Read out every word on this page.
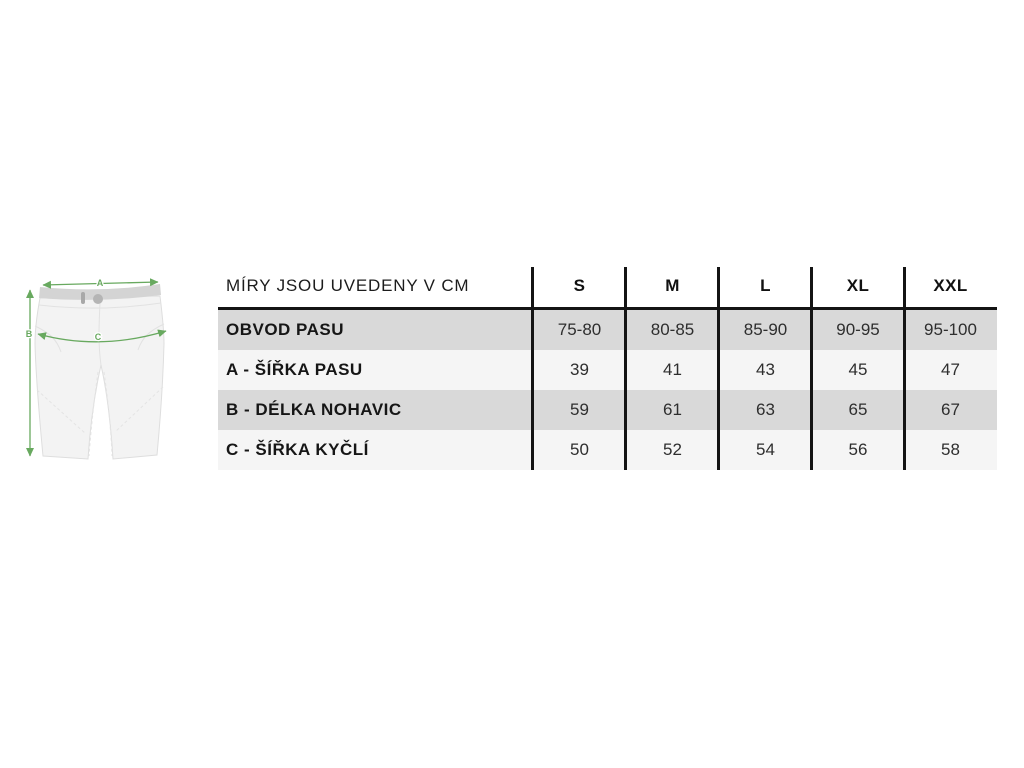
A
B	C
MÍRY JSOU UVEDENY V CM	S	M	L	XL	XXL
OBVOD PASU	75-80	80-85	85-90	90-95	95-100
A - ŠÍŘKA PASU	39	41	43	45	47
B - DÉLKA NOHAVIC	59	61	63	65	67
C - ŠÍŘKA KYČLÍ	50	52	54	56	58
